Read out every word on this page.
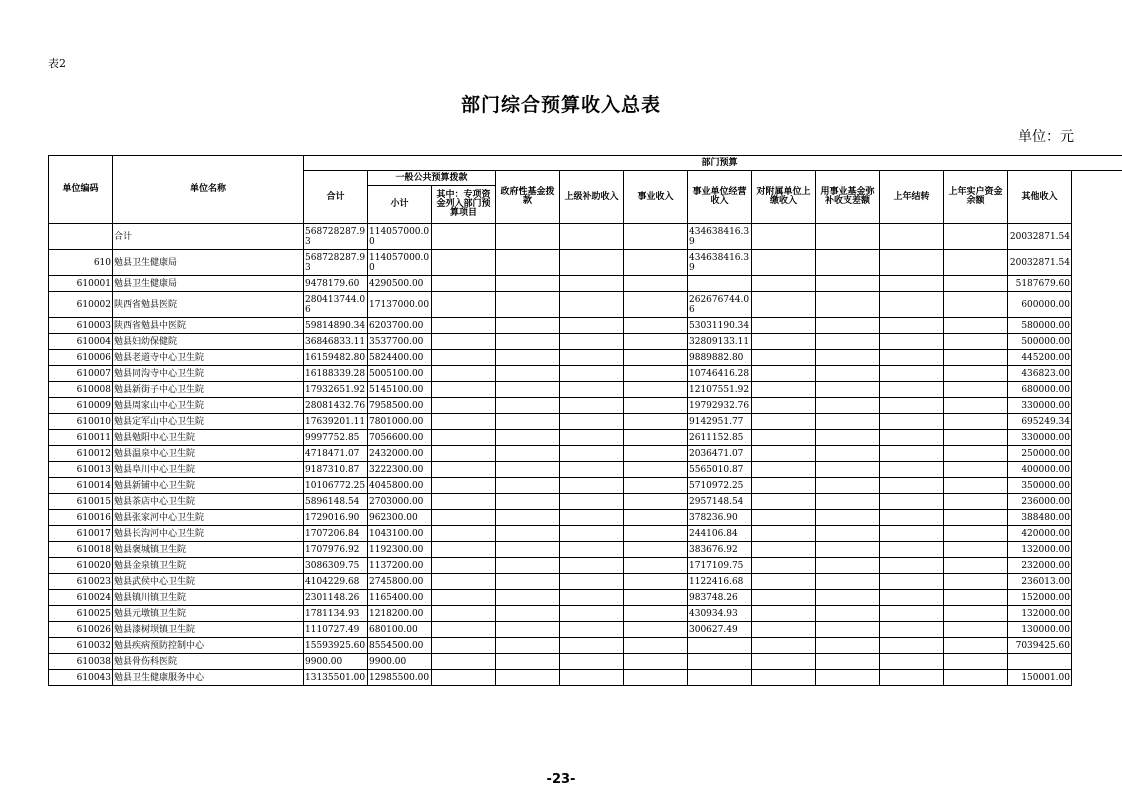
表2
部门综合预算收入总表
单位：元
单位编码	单位名称	部门预算											
		合计	一般公共预算拨款		政府性基金拨款	上级补助收入	事业收入	事业单位经营收入	对附属单位上缴收入	用事业基金弥补收支差额	上年结转	上年实户资金余额	其他收入
			小计	其中：专项资金列入部门预算项目									
	合计	568728287.93	114057000.00					434638416.39					20032871.54
610	勉县卫生健康局	568728287.93	114057000.00					434638416.39					20032871.54
610001	勉县卫生健康局	9478179.60	4290500.00										5187679.60
610002	陕西省勉县医院	280413744.06	17137000.00					262676744.06					600000.00
610003	陕西省勉县中医院	59814890.34	6203700.00					53031190.34					580000.00
610004	勉县妇幼保健院	36846833.11	3537700.00					32809133.11					500000.00
610006	勉县老道寺中心卫生院	16159482.80	5824400.00					9889882.80					445200.00
610007	勉县同沟寺中心卫生院	16188339.28	5005100.00					10746416.28					436823.00
610008	勉县新街子中心卫生院	17932651.92	5145100.00					12107551.92					680000.00
610009	勉县周家山中心卫生院	28081432.76	7958500.00					19792932.76					330000.00
610010	勉县定军山中心卫生院	17639201.11	7801000.00					9142951.77					695249.34
610011	勉县勉阳中心卫生院	9997752.85	7056600.00					2611152.85					330000.00
610012	勉县温泉中心卫生院	4718471.07	2432000.00					2036471.07					250000.00
610013	勉县阜川中心卫生院	9187310.87	3222300.00					5565010.87					400000.00
610014	勉县新铺中心卫生院	10106772.25	4045800.00					5710972.25					350000.00
610015	勉县茶店中心卫生院	5896148.54	2703000.00					2957148.54					236000.00
610016	勉县张家河中心卫生院	1729016.90	962300.00					378236.90					388480.00
610017	勉县长沟河中心卫生院	1707206.84	1043100.00					244106.84					420000.00
610018	勉县褒城镇卫生院	1707976.92	1192300.00					383676.92					132000.00
610020	勉县金泉镇卫生院	3086309.75	1137200.00					1717109.75					232000.00
610023	勉县武侯中心卫生院	4104229.68	2745800.00					1122416.68					236013.00
610024	勉县镇川镇卫生院	2301148.26	1165400.00					983748.26					152000.00
610025	勉县元墩镇卫生院	1781134.93	1218200.00					430934.93					132000.00
610026	勉县漆树坝镇卫生院	1110727.49	680100.00					300627.49					130000.00
610032	勉县疾病预防控制中心	15593925.60	8554500.00										7039425.60
610038	勉县骨伤科医院	9900.00	9900.00										
610043	勉县卫生健康服务中心	13135501.00	12985500.00										150001.00
-23-
